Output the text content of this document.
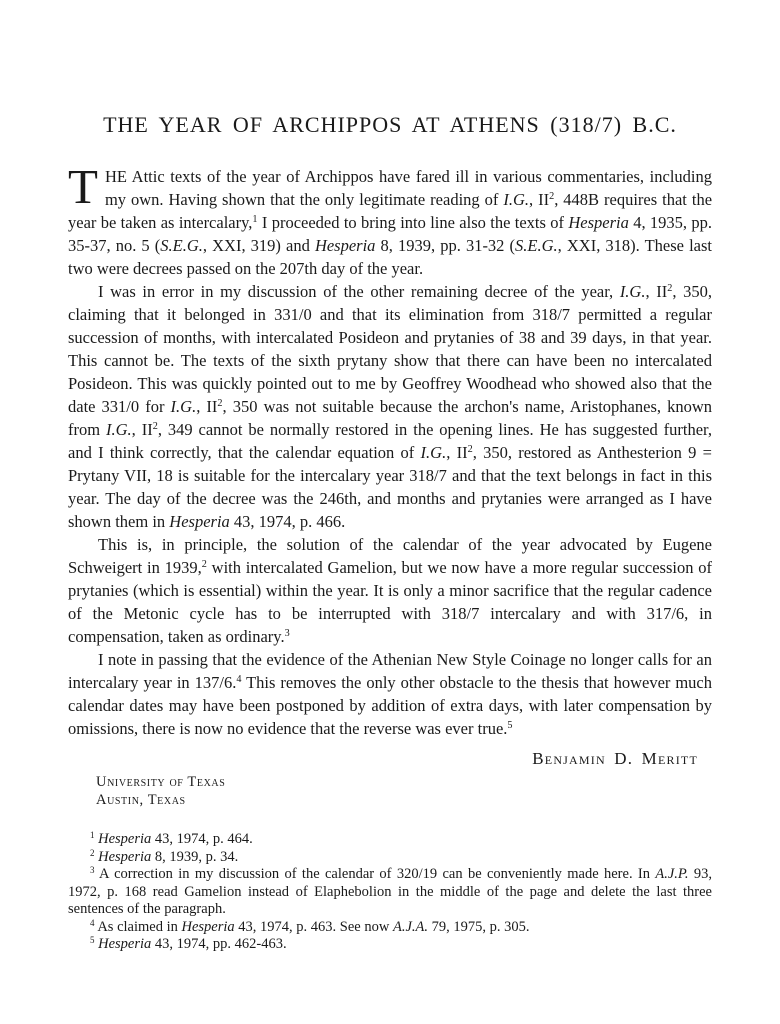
THE YEAR OF ARCHIPPOS AT ATHENS (318/7) B.C.

THE Attic texts of the year of Archippos have fared ill in various commentaries, including my own. Having shown that the only legitimate reading of I.G., $II^2$, 448B requires that the year be taken as intercalary,$^1$ I proceeded to bring into line also the texts of Hesperia 4, 1935, pp. 35-37, no. 5 (S.E.G., XXI, 319) and Hesperia 8, 1939, pp. 31-32 (S.E.G., XXI, 318). These last two were decrees passed on the 207th day of the year.

I was in error in my discussion of the other remaining decree of the year, I.G., $II^2$, 350, claiming that it belonged in 331/0 and that its elimination from 318/7 permitted a regular succession of months, with intercalated Posideon and prytanies of 38 and 39 days, in that year. This cannot be. The texts of the sixth prytany show that there can have been no intercalated Posideon. This was quickly pointed out to me by Geoffrey Woodhead who showed also that the date 331/0 for I.G., $II^2$, 350 was not suitable because the archon's name, Aristophanes, known from I.G., $II^2$, 349 cannot be normally restored in the opening lines. He has suggested further, and I think correctly, that the calendar equation of I.G., $II^2$, 350, restored as Anthesterion 9 = Prytany VII, 18 is suitable for the intercalary year 318/7 and that the text belongs in fact in this year. The day of the decree was the 246th, and months and prytanies were arranged as I have shown them in Hesperia 43, 1974, p. 466.

This is, in principle, the solution of the calendar of the year advocated by Eugene Schweigert in 1939,$^2$ with intercalated Gamelion, but we now have a more regular succession of prytanies (which is essential) within the year. It is only a minor sacrifice that the regular cadence of the Metonic cycle has to be interrupted with 318/7 intercalary and with 317/6, in compensation, taken as ordinary.$^3$

I note in passing that the evidence of the Athenian New Style Coinage no longer calls for an intercalary year in 137/6.$^4$ This removes the only other obstacle to the thesis that however much calendar dates may have been postponed by addition of extra days, with later compensation by omissions, there is now no evidence that the reverse was ever true.$^5$

Benjamin D. Meritt
University of Texas
Austin, Texas

$^1$ Hesperia 43, 1974, p. 464.

$^2$ Hesperia 8, 1939, p. 34.

$^3$ A correction in my discussion of the calendar of 320/19 can be conveniently made here. In A.J.P. 93, 1972, p. 168 read Gamelion instead of Elaphebolion in the middle of the page and delete the last three sentences of the paragraph.

$^4$ As claimed in Hesperia 43, 1974, p. 463. See now A.J.A. 79, 1975, p. 305.

$^5$ Hesperia 43, 1974, pp. 462-463.
